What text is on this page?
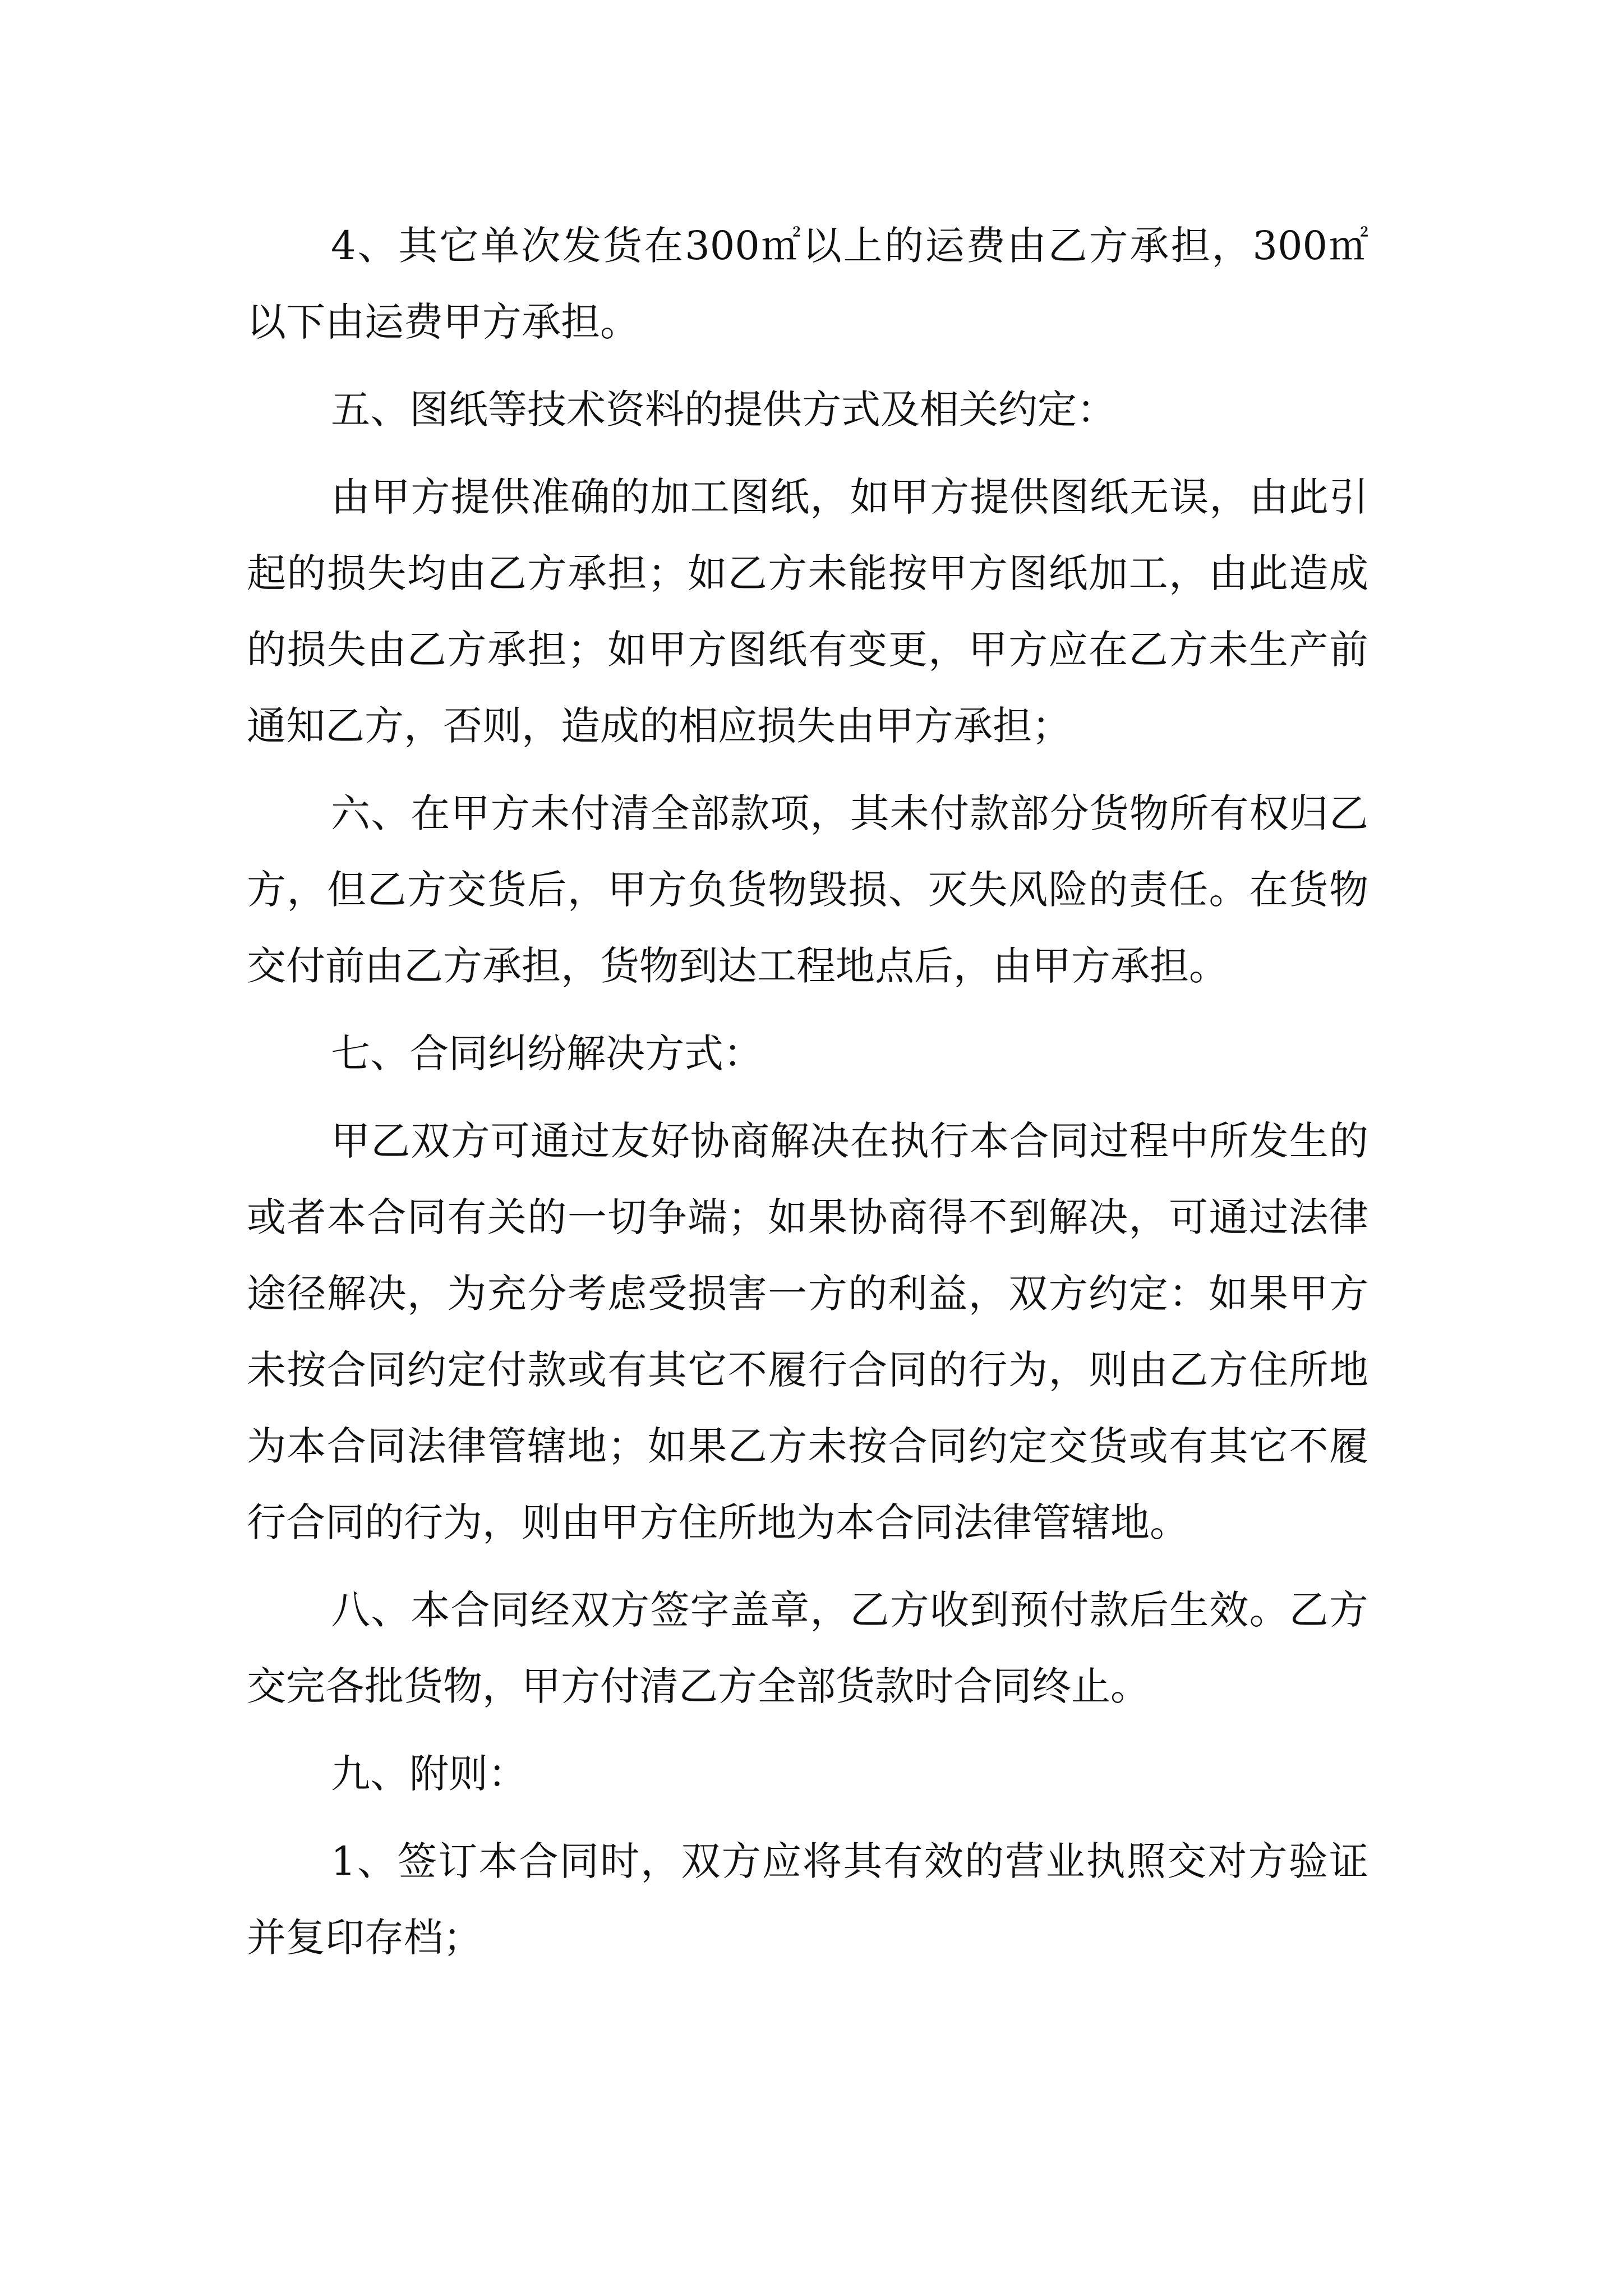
4、其它单次发货在300㎡以上的运费由乙方承担，300㎡以下由运费甲方承担。

五、图纸等技术资料的提供方式及相关约定：

由甲方提供准确的加工图纸，如甲方提供图纸无误，由此引起的损失均由乙方承担；如乙方未能按甲方图纸加工，由此造成的损失由乙方承担；如甲方图纸有变更，甲方应在乙方未生产前通知乙方，否则，造成的相应损失由甲方承担；

六、在甲方未付清全部款项，其未付款部分货物所有权归乙方，但乙方交货后，甲方负货物毁损、灭失风险的责任。在货物交付前由乙方承担，货物到达工程地点后，由甲方承担。

七、合同纠纷解决方式：

甲乙双方可通过友好协商解决在执行本合同过程中所发生的或者本合同有关的一切争端；如果协商得不到解决，可通过法律途径解决，为充分考虑受损害一方的利益，双方约定：如果甲方未按合同约定付款或有其它不履行合同的行为，则由乙方住所地为本合同法律管辖地；如果乙方未按合同约定交货或有其它不履行合同的行为，则由甲方住所地为本合同法律管辖地。

八、本合同经双方签字盖章，乙方收到预付款后生效。乙方交完各批货物，甲方付清乙方全部货款时合同终止。

九、附则：

1、签订本合同时，双方应将其有效的营业执照交对方验证并复印存档；
